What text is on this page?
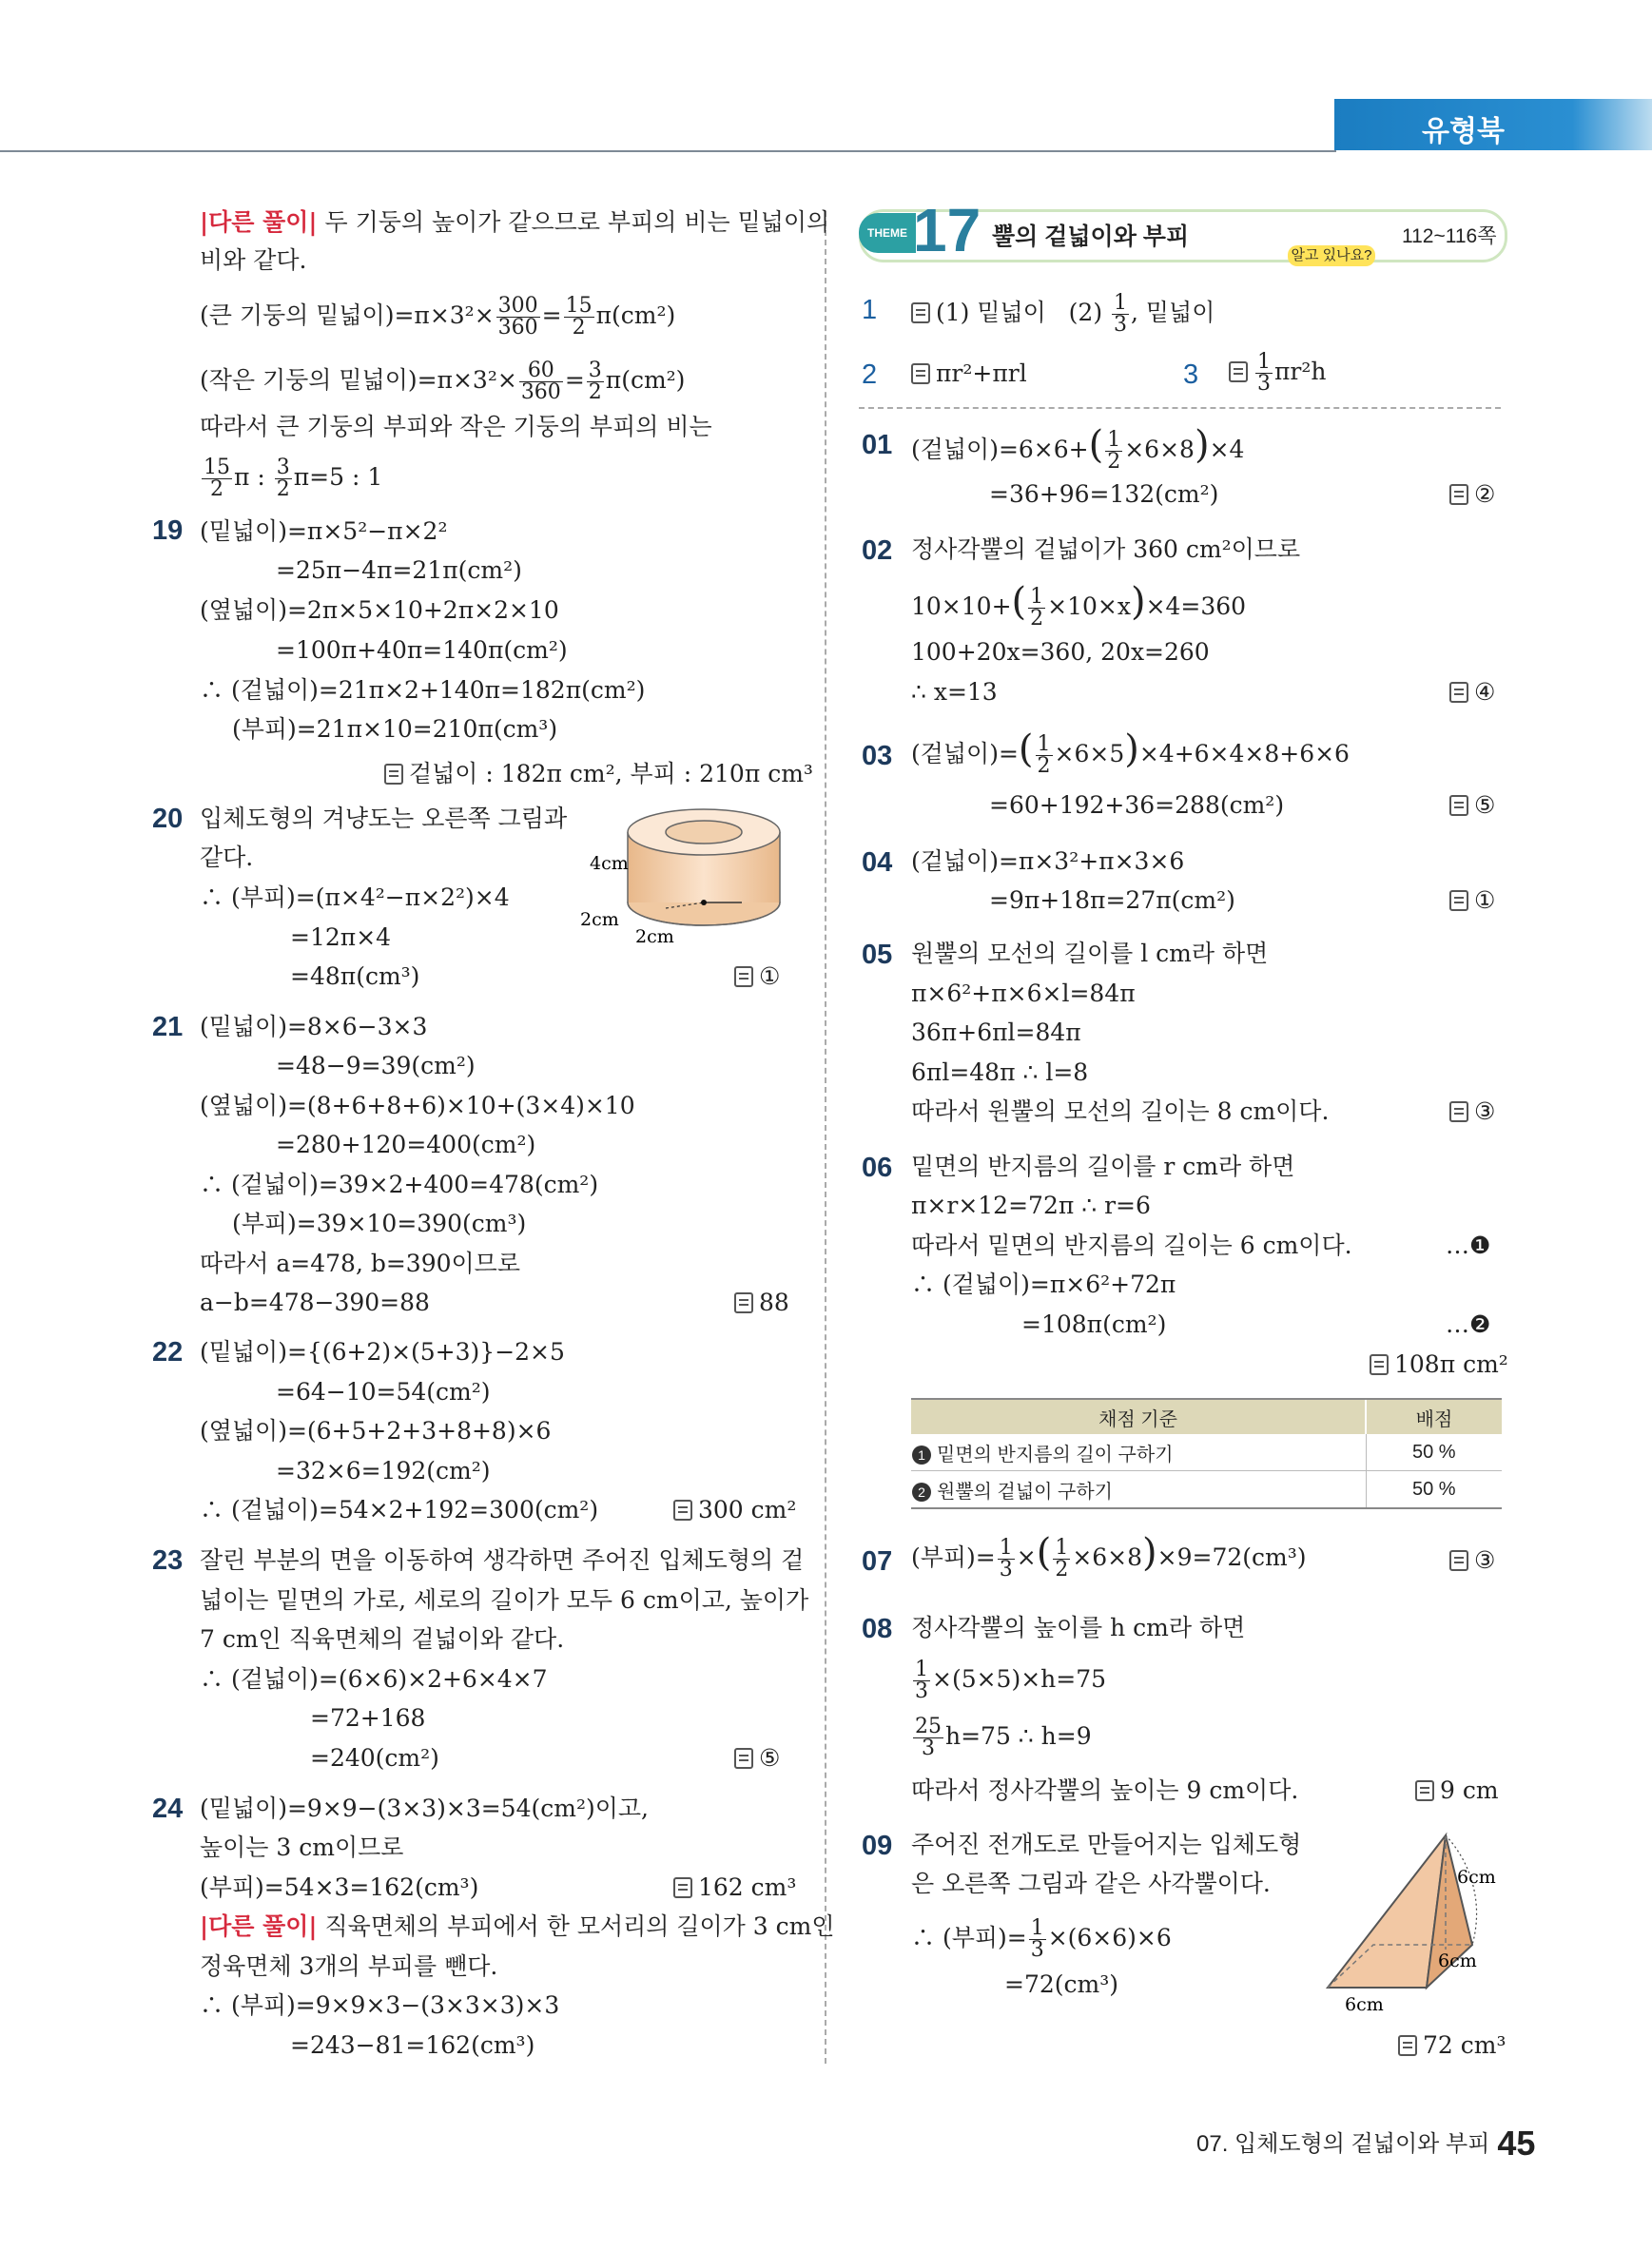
유형북
|다른 풀이| 두 기둥의 높이가 같으므로 부피의 비는 밑넓이의
비와 같다.
(큰 기둥의 밑넓이)$=\pi\times 3^2\times \frac{300}{360} = \frac{15}{2} \pi(cm^2)$
(작은 기둥의 밑넓이)$=\pi\times 3^2\times \frac{60}{360} = \frac{3}{2} \pi(cm^2)$
따라서 큰 기둥의 부피와 작은 기둥의 부피의 비는
$\frac{15}{2}$ π : $\frac{3}{2} \pi=5$ : 1
19 (밑넓이)=π×5²−π×2²
=25π−4π=21π(cm²)
(옆넓이)=2π×5×10+2π×2×10
=100π+40π=140π(cm²)
∴ (겉넓이)=21π×2+140π=182π(cm²)
(부피)=21π×10=210π(cm³)
겉넓이 : 182π cm², 부피 : 210π cm³
20 입체도형의 겨냥도는 오른쪽 그림과
같다.
∴ (부피)=(π×4²−π×2²)×4
=12π×4
=48π(cm³)	①
4cm
2cm
2cm
21 (밑넓이)=8×6−3×3
=48−9=39(cm²)
(옆넓이)=(8+6+8+6)×10+(3×4)×10
=280+120=400(cm²)
∴ (겉넓이)=39×2+400=478(cm²)
(부피)=39×10=390(cm³)
따라서 a=478, b=390이므로
a−b=478−390=88	88
22 (밑넓이)={(6+2)×(5+3)}−2×5
=64−10=54(cm²)
(옆넓이)=(6+5+2+3+8+8)×6
=32×6=192(cm²)
∴ (겉넓이)=54×2+192=300(cm²)	300 cm²
23 잘린 부분의 면을 이동하여 생각하면 주어진 입체도형의 겉
넓이는 밑면의 가로, 세로의 길이가 모두 6 cm이고, 높이가
7 cm인 직육면체의 겉넓이와 같다.
∴ (겉넓이)=(6×6)×2+6×4×7
=72+168
=240(cm²)	⑤
24 (밑넓이)=9×9−(3×3)×3=54(cm²)이고,
높이는 3 cm이므로
(부피)=54×3=162(cm³)	162 cm³
|다른 풀이| 직육면체의 부피에서 한 모서리의 길이가 3 cm인
정육면체 3개의 부피를 뺀다.
∴ (부피)=9×9×3−(3×3×3)×3
=243−81=162(cm³)
THEME 17 뿔의 겉넓이와 부피	112~116쪽
알고 있나요?
1	(1) 밑넓이 $(2) \frac{1}{3}$ , 밑넓이
2	πr²+πrl	3	$\frac{1}{3} \pi r^2h$
01 (겉넓이)$=6\times 6+( \frac{1}{2} \times 6\times 8)\times 4$
=36+96=132(cm²)	②
02 정사각뿔의 겉넓이가 360 cm²이므로
$10\times 10+( \frac{1}{2} \times 10\times x)\times 4=360$
100+20x=360, 20x=260
∴ x=13	④
03 (겉넓이)=( $\frac{1}{2} \times 6\times 5)\times 4+6\times 4\times 8+6\times 6$
=60+192+36=288(cm²)	⑤
04 (겉넓이)=π×3²+π×3×6
=9π+18π=27π(cm²)	①
05 원뿔의 모선의 길이를 l cm라 하면
π×6²+π×6×l=84π
36π+6πl=84π
6πl=48π ∴ l=8
따라서 원뿔의 모선의 길이는 8 cm이다.	③
06 밑면의 반지름의 길이를 r cm라 하면
π×r×12=72π ∴ r=6
따라서 밑면의 반지름의 길이는 6 cm이다.	…❶
∴ (겉넓이)=π×6²+72π
=108π(cm²)	…❷
108π cm²
채점 기준	배점
1 밑면의 반지름의 길이 구하기	50 %
2 원뿔의 겉넓이 구하기	50 %
07 (부피)= $\frac{1}{3}$ ×( $\frac{1}{2} \times 6\times 8)\times 9=72(cm^3)$	③
08 정사각뿔의 높이를 h cm라 하면
$\frac{1}{3} \times(5\times 5)\times h=75$
$\frac{25}{3} h=75$ ∴ h=9
따라서 정사각뿔의 높이는 9 cm이다.	9 cm
09 주어진 전개도로 만들어지는 입체도형
은 오른쪽 그림과 같은 사각뿔이다.
∴ (부피)= $\frac{1}{3} \times(6\times 6)\times 6$
=72(cm³)
6cm
6cm
6cm
72 cm³
07. 입체도형의 겉넓이와 부피 45
